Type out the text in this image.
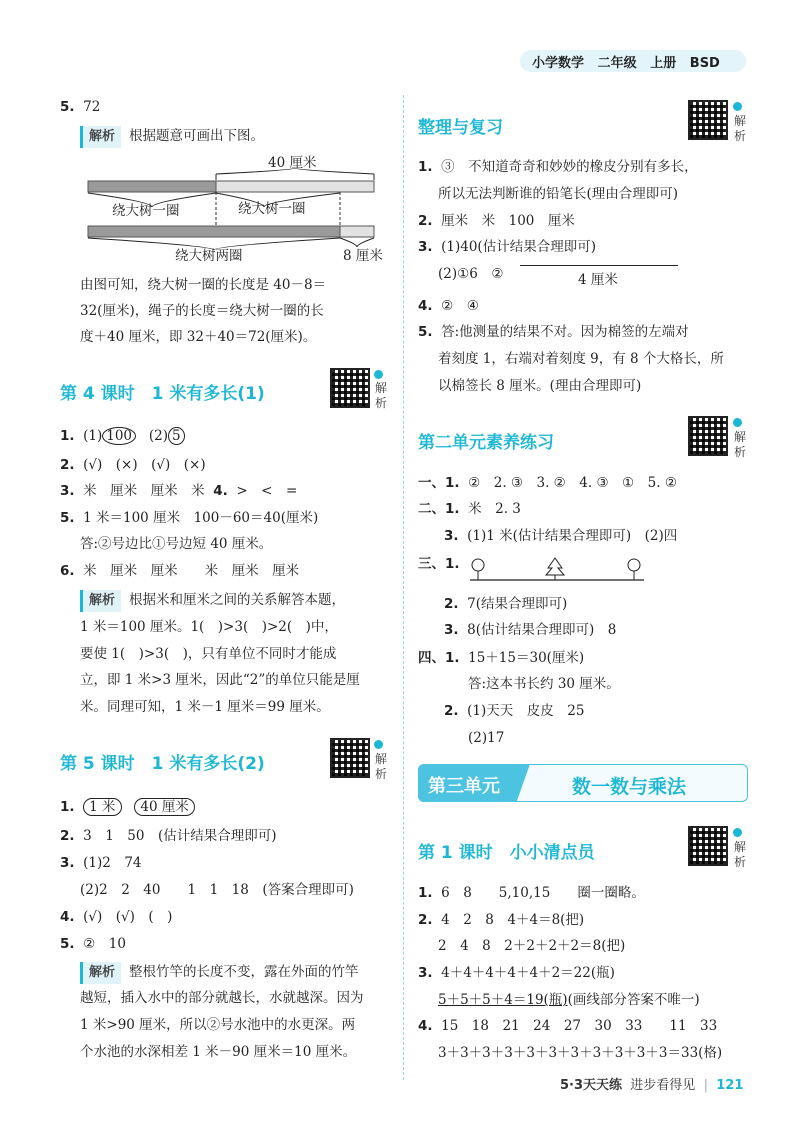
小学数学 二年级 上册 BSD
5. 72
解析 根据题意可画出下图。
40 厘米
绕大树一圈	绕大树一圈
绕大树两圈	8 厘米
由图可知，绕大树一圈的长度是 40－8＝
32(厘米)，绳子的长度＝绕大树一圈的长
度＋40 厘米，即 32＋40＝72(厘米)。
第 4 课时　1 米有多长(1)	解析
1. (1) 100 (2) 5
2. (√)　(×)　(√)　(×)
3. 米　厘米　厘米　米 4. >　<　=
5. 1 米＝100 厘米　100－60＝40(厘米)
答:②号边比①号边短 40 厘米。
6. 米　厘米　厘米　　米　厘米　厘米
解析 根据米和厘米之间的关系解答本题，
1 米＝100 厘米。1(　)>3(　)>2(　)中，
要使 1(　)>3(　)，只有单位不同时才能成
立，即 1 米>3 厘米，因此“2”的单位只能是厘
米。同理可知，1 米－1 厘米＝99 厘米。
第 5 课时　1 米有多长(2)	解析
1. 1 米 40 厘米
2. 3　1　50　(估计结果合理即可)
3. (1)2　74
(2)2　2　40　　1　1　18　(答案合理即可)
4. (√)　(√)　(　)
5. ②　10
解析 整根竹竿的长度不变，露在外面的竹竿
越短，插入水中的部分就越长，水就越深。因为
1 米>90 厘米，所以②号水池中的水更深。两
个水池的水深相差 1 米－90 厘米＝10 厘米。
整理与复习	解析
1. ③　不知道奇奇和妙妙的橡皮分别有多长，
所以无法判断谁的铅笔长(理由合理即可)
2. 厘米　米　100　厘米
3. (1)40(估计结果合理即可)
(2)①6　②	4 厘米
4. ②　④
5. 答:他测量的结果不对。因为棉签的左端对
着刻度 1，右端对着刻度 9，有 8 个大格长，所
以棉签长 8 厘米。(理由合理即可)
第二单元素养练习	解析
一、1. ②　2. ③　3. ②　4. ③　①　5. ②
二、1. 米　2. 3
3. (1)1 米(估计结果合理即可)　(2)四
三、1.
2. 7(结果合理即可)
3. 8(估计结果合理即可)　8
四、1. 15＋15＝30(厘米)
答:这本书长约 30 厘米。
2. (1)天天　皮皮　25
(2)17
第三单元	数一数与乘法
第 1 课时　小小清点员	解析
1. 6　8　　5,10,15　　圈一圈略。
2. 4　2　8　4＋4＝8(把)
2　4　8　2＋2＋2＋2＝8(把)
3. 4＋4＋4＋4＋4＋2＝22(瓶)
5＋5＋5＋4＝19(瓶)(画线部分答案不唯一)
4. 15　18　21　24　27　30　33　　11　33
3＋3＋3＋3＋3＋3＋3＋3＋3＋3＋3＝33(格)
5·3天天练 进步看得见  |  121
